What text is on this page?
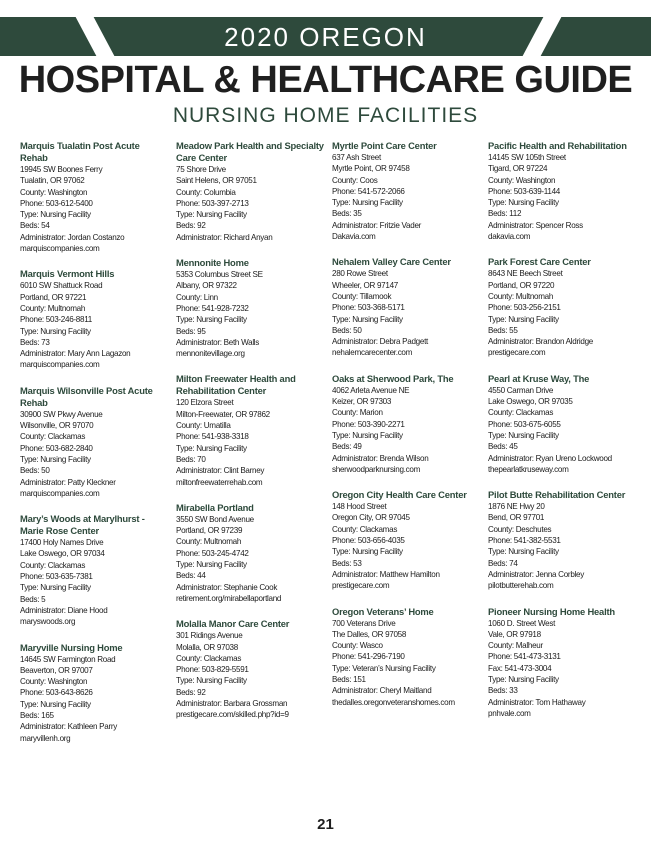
2020 OREGON
HOSPITAL & HEALTHCARE GUIDE
NURSING HOME FACILITIES
Marquis Tualatin Post Acute Rehab
19945 SW Boones Ferry
Tualatin, OR 97062
County: Washington
Phone: 503-612-5400
Type: Nursing Facility
Beds: 54
Administrator: Jordan Costanzo
marquiscompanies.com
Marquis Vermont Hills
6010 SW Shattuck Road
Portland, OR 97221
County: Multnomah
Phone: 503-246-8811
Type: Nursing Facility
Beds: 73
Administrator: Mary Ann Lagazon
marquiscompanies.com
Marquis Wilsonville Post Acute Rehab
30900 SW Pkwy Avenue
Wilsonville, OR 97070
County: Clackamas
Phone: 503-682-2840
Type: Nursing Facility
Beds: 50
Administrator: Patty Kleckner
marquiscompanies.com
Mary’s Woods at Marylhurst - Marie Rose Center
17400 Holy Names Drive
Lake Oswego, OR 97034
County: Clackamas
Phone: 503-635-7381
Type: Nursing Facility
Beds: 5
Administrator: Diane Hood
maryswoods.org
Maryville Nursing Home
14645 SW Farmington Road
Beaverton, OR 97007
County: Washington
Phone: 503-643-8626
Type: Nursing Facility
Beds: 165
Administrator: Kathleen Parry
maryvillenh.org
Meadow Park Health and Specialty Care Center
75 Shore Drive
Saint Helens, OR 97051
County: Columbia
Phone: 503-397-2713
Type: Nursing Facility
Beds: 92
Administrator: Richard Anyan
Mennonite Home
5353 Columbus Street SE
Albany, OR 97322
County: Linn
Phone: 541-928-7232
Type: Nursing Facility
Beds: 95
Administrator: Beth Walls
mennonitevillage.org
Milton Freewater Health and Rehabilitation Center
120 Elzora Street
Milton-Freewater, OR 97862
County: Umatilla
Phone: 541-938-3318
Type: Nursing Facility
Beds: 70
Administrator: Clint Barney
miltonfreewaterrehab.com
Mirabella Portland
3550 SW Bond Avenue
Portland, OR 97239
County: Multnomah
Phone: 503-245-4742
Type: Nursing Facility
Beds: 44
Administrator: Stephanie Cook
retirement.org/mirabellaportland
Molalla Manor Care Center
301 Ridings Avenue
Molalla, OR 97038
County: Clackamas
Phone: 503-829-5591
Type: Nursing Facility
Beds: 92
Administrator: Barbara Grossman
prestigecare.com/skilled.php?id=9
Myrtle Point Care Center
637 Ash Street
Myrtle Point, OR 97458
County: Coos
Phone: 541-572-2066
Type: Nursing Facility
Beds: 35
Administrator: Fritzie Vader
Dakavia.com
Nehalem Valley Care Center
280 Rowe Street
Wheeler, OR 97147
County: Tillamook
Phone: 503-368-5171
Type: Nursing Facility
Beds: 50
Administrator: Debra Padgett
nehalemcarecenter.com
Oaks at Sherwood Park, The
4062 Arleta Avenue NE
Keizer, OR 97303
County: Marion
Phone: 503-390-2271
Type: Nursing Facility
Beds: 49
Administrator: Brenda Wilson
sherwoodparknursing.com
Oregon City Health Care Center
148 Hood Street
Oregon City, OR 97045
County: Clackamas
Phone: 503-656-4035
Type: Nursing Facility
Beds: 53
Administrator: Matthew Hamilton
prestigecare.com
Oregon Veterans’ Home
700 Veterans Drive
The Dalles, OR 97058
County: Wasco
Phone: 541-296-7190
Type: Veteran’s Nursing Facility
Beds: 151
Administrator: Cheryl Maitland
thedalles.oregonveteranshomes.com
Pacific Health and Rehabilitation
14145 SW 105th Street
Tigard, OR 97224
County: Washington
Phone: 503-639-1144
Type: Nursing Facility
Beds: 112
Administrator: Spencer Ross
dakavia.com
Park Forest Care Center
8643 NE Beech Street
Portland, OR 97220
County: Multnomah
Phone: 503-256-2151
Type: Nursing Facility
Beds: 55
Administrator: Brandon Aldridge
prestigecare.com
Pearl at Kruse Way, The
4550 Carman Drive
Lake Oswego, OR 97035
County: Clackamas
Phone: 503-675-6055
Type: Nursing Facility
Beds: 45
Administrator: Ryan Ureno Lockwood
thepearlatkruseway.com
Pilot Butte Rehabilitation Center
1876 NE Hwy 20
Bend, OR 97701
County: Deschutes
Phone: 541-382-5531
Type: Nursing Facility
Beds: 74
Administrator: Jenna Corbley
pilotbutterehab.com
Pioneer Nursing Home Health
1060 D. Street West
Vale, OR 97918
County: Malheur
Phone: 541-473-3131
Fax: 541-473-3004
Type: Nursing Facility
Beds: 33
Administrator: Tom Hathaway
pnhvale.com
21
